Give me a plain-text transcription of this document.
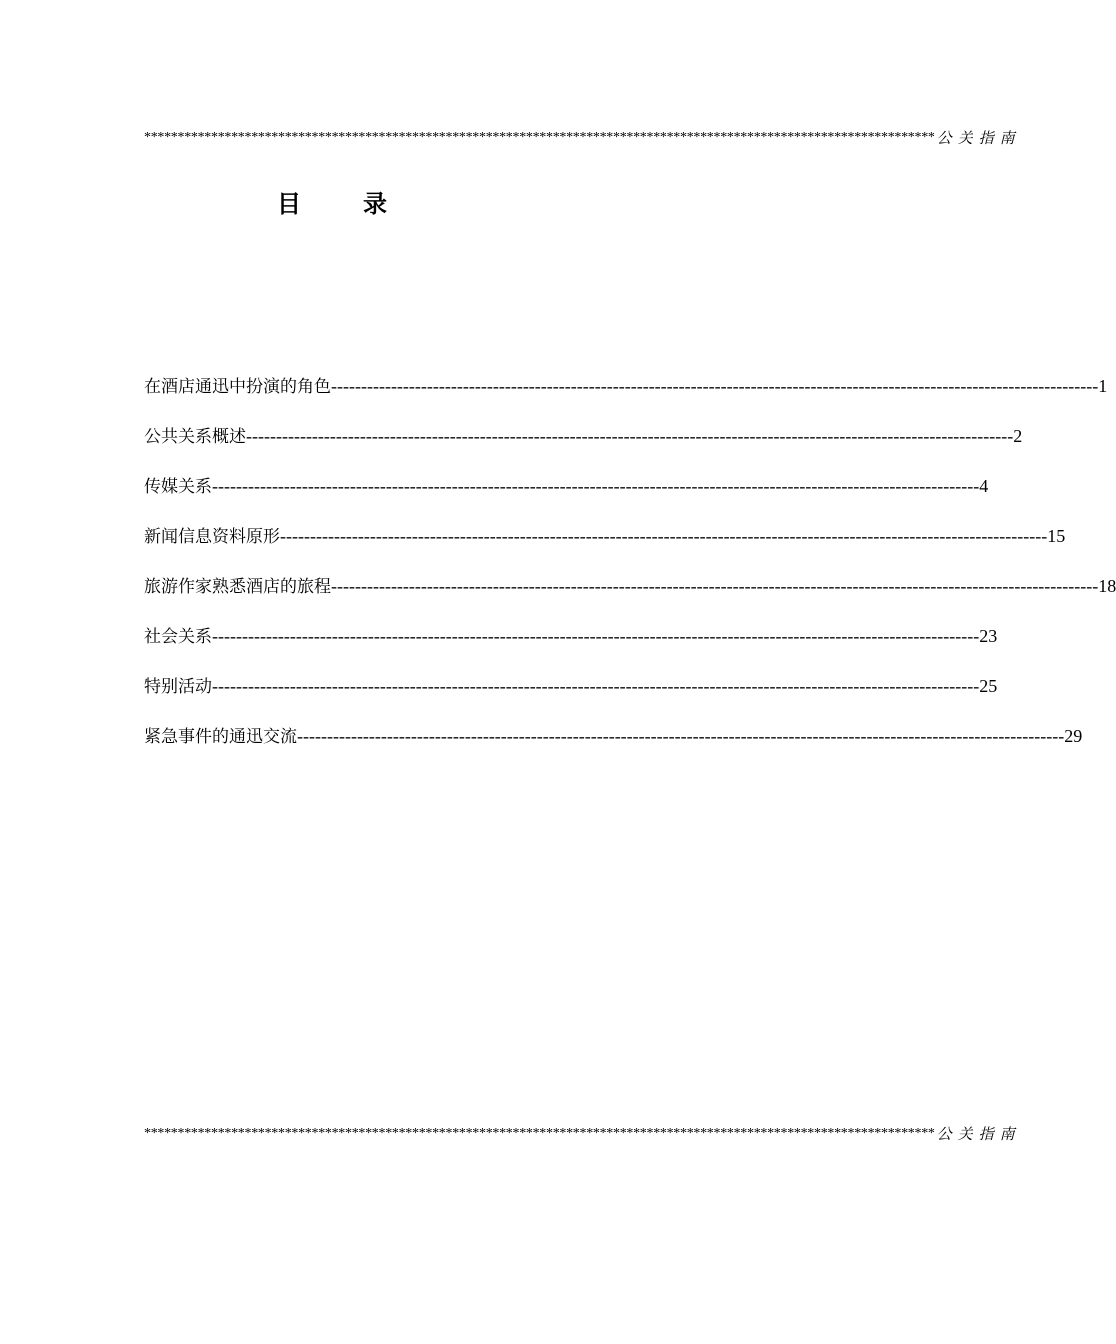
********************************************************************************************************************** 公关指南
目录
在酒店通迅中扮演的角色 -------------------------------------------------------------------------------------------------------------------------------- 1
公共关系概述 -------------------------------------------------------------------------------------------------------------------------------- 2
传媒关系 -------------------------------------------------------------------------------------------------------------------------------- 4
新闻信息资料原形 -------------------------------------------------------------------------------------------------------------------------------- 15
旅游作家熟悉酒店的旅程 -------------------------------------------------------------------------------------------------------------------------------- 18
社会关系 -------------------------------------------------------------------------------------------------------------------------------- 23
特别活动 -------------------------------------------------------------------------------------------------------------------------------- 25
紧急事件的通迅交流 -------------------------------------------------------------------------------------------------------------------------------- 29
********************************************************************************************************************** 公关指南
